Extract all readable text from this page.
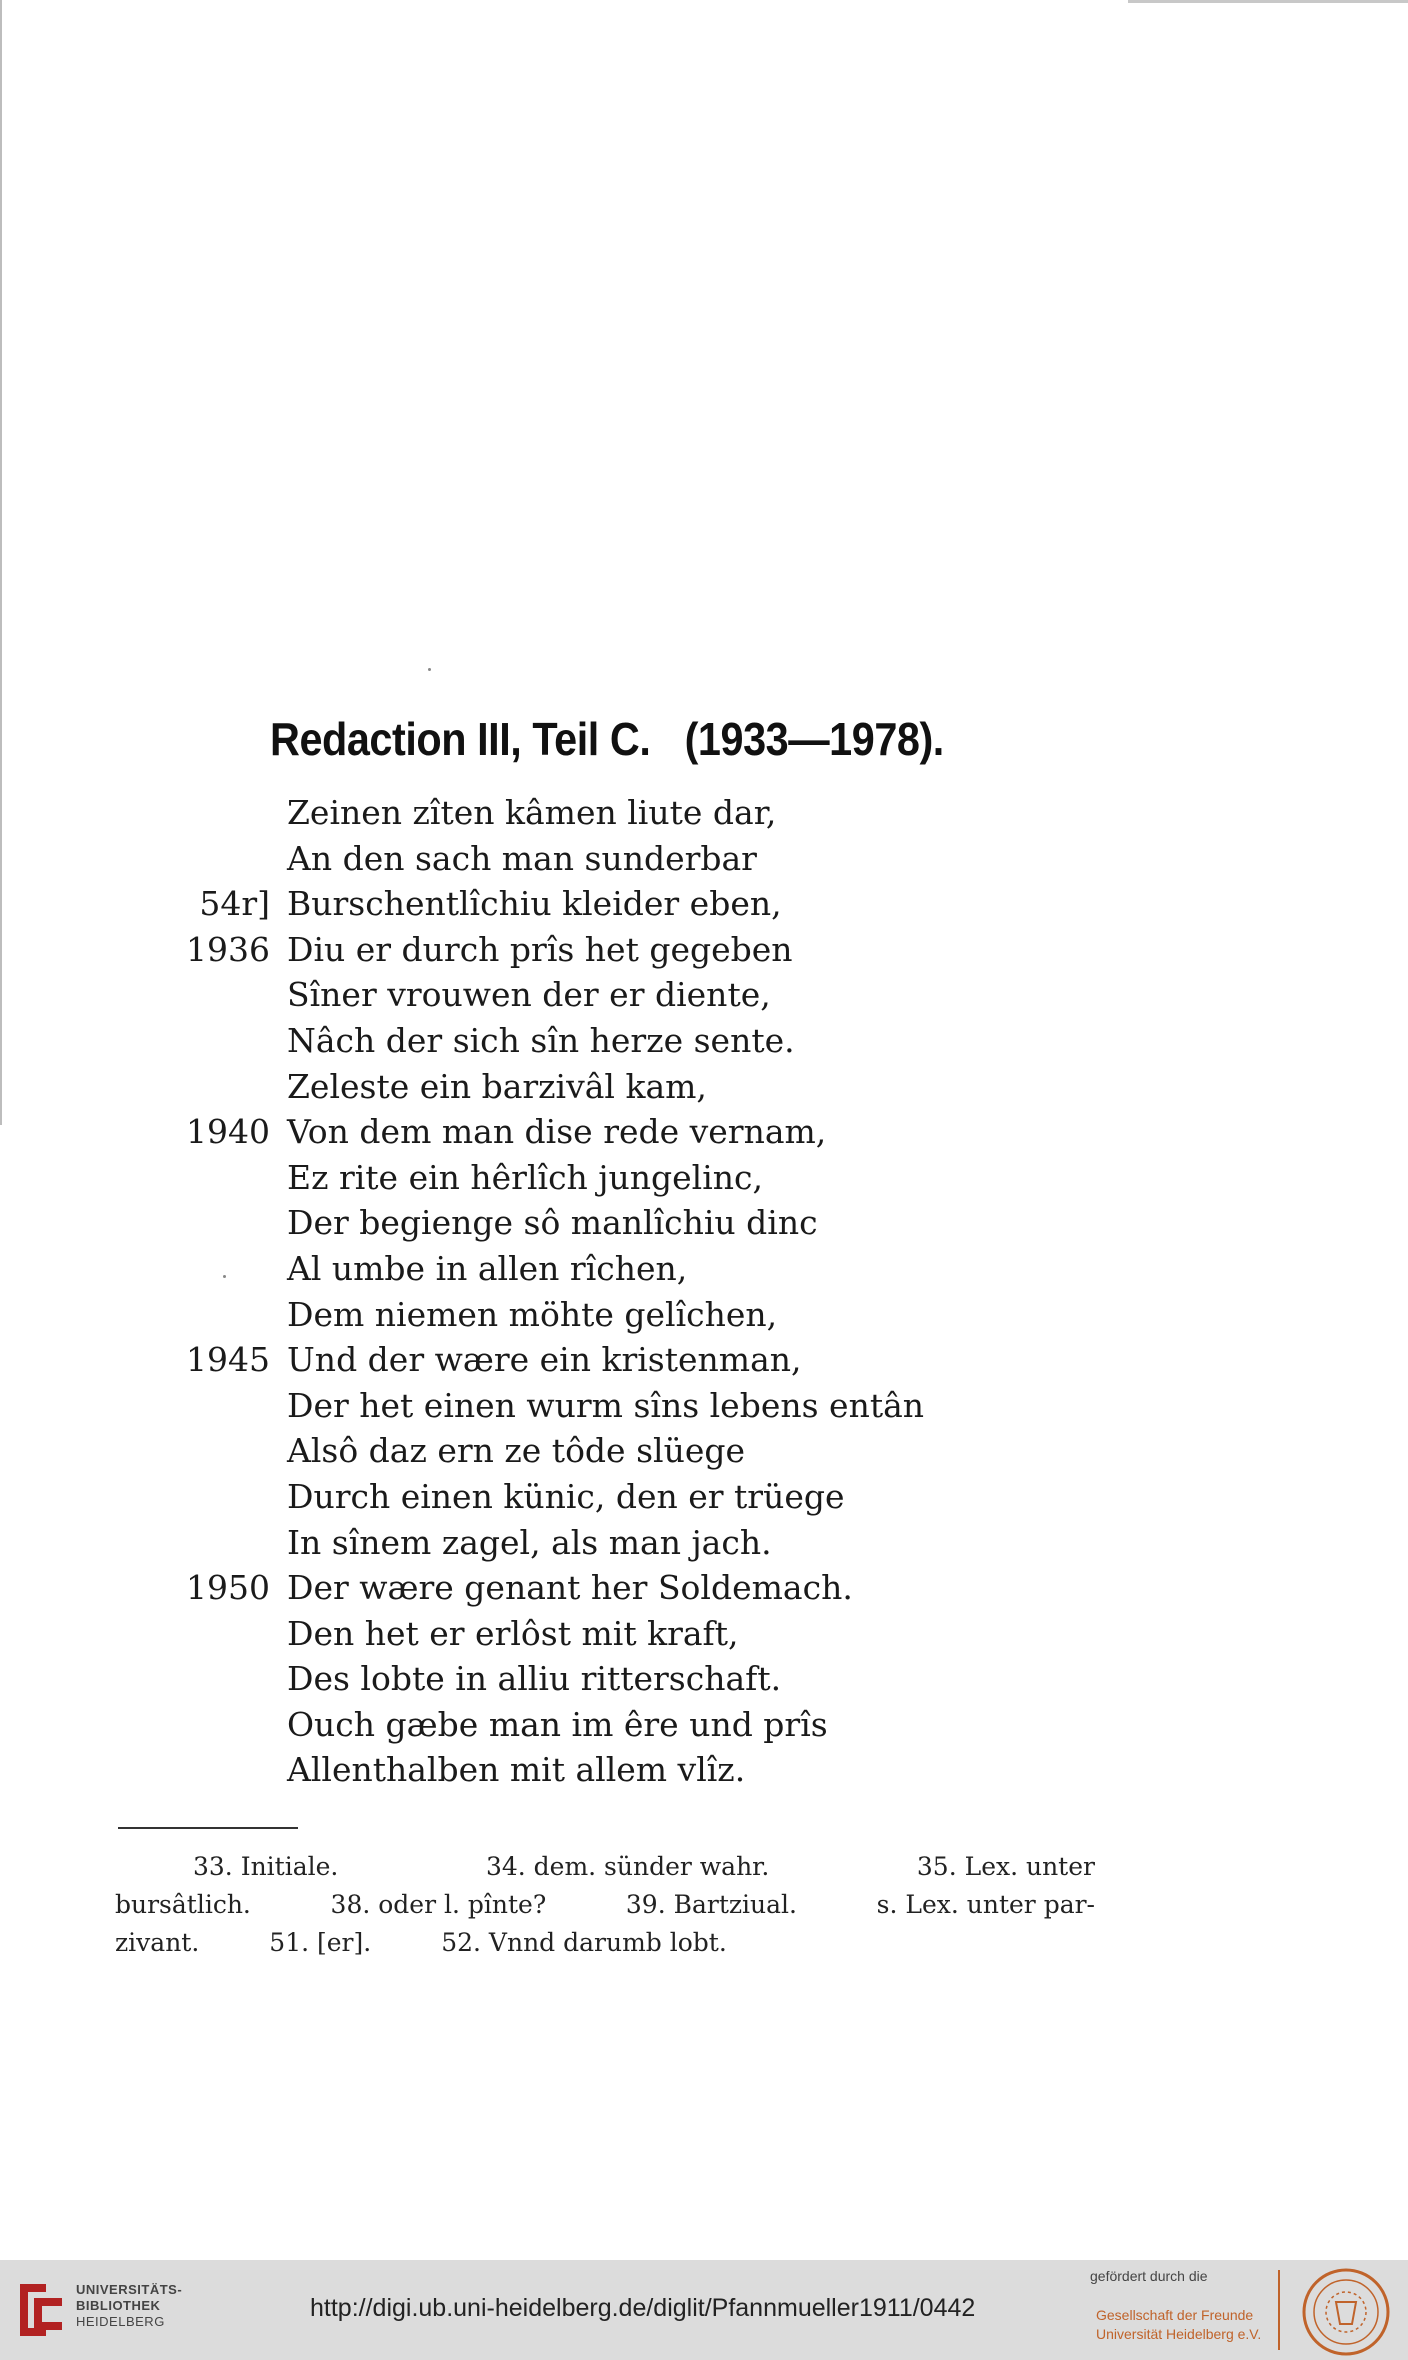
Redaction III, Teil C. (1933—1978).
Zeinen zîten kâmen liute dar,
An den sach man sunderbar
54r] Burschentlîchiu kleider eben,
1936 Diu er durch prîs het gegeben
Sîner vrouwen der er diente,
Nâch der sich sîn herze sente.
Zeleste ein barzivâl kam,
1940 Von dem man dise rede vernam,
Ez rite ein hêrlîch jungelinc,
Der begienge sô manlîchiu dinc
Al umbe in allen rîchen,
Dem niemen möhte gelîchen,
1945 Und der wære ein kristenman,
Der het einen wurm sîns lebens entân
Alsô daz ern ze tôde slüege
Durch einen künic, den er trüege
In sînem zagel, als man jach.
1950 Der wære genant her Soldemach.
Den het er erlôst mit kraft,
Des lobte in alliu ritterschaft.
Ouch gæbe man im êre und prîs
Allenthalben mit allem vlîz.
33. Initiale.	34. dem. sünder wahr.	35. Lex. unter
bursâtlich.	38. oder l. pînte?	39. Bartziual.	s. Lex. unter par-
zivant.	51. [er].	52. Vnnd darumb lobt.
UNIVERSITÄTS-
BIBLIOTHEK
HEIDELBERG	http://digi.ub.uni-heidelberg.de/diglit/Pfannmueller1911/0442
gefördert durch die
Gesellschaft der Freunde
Universität Heidelberg e.V.
